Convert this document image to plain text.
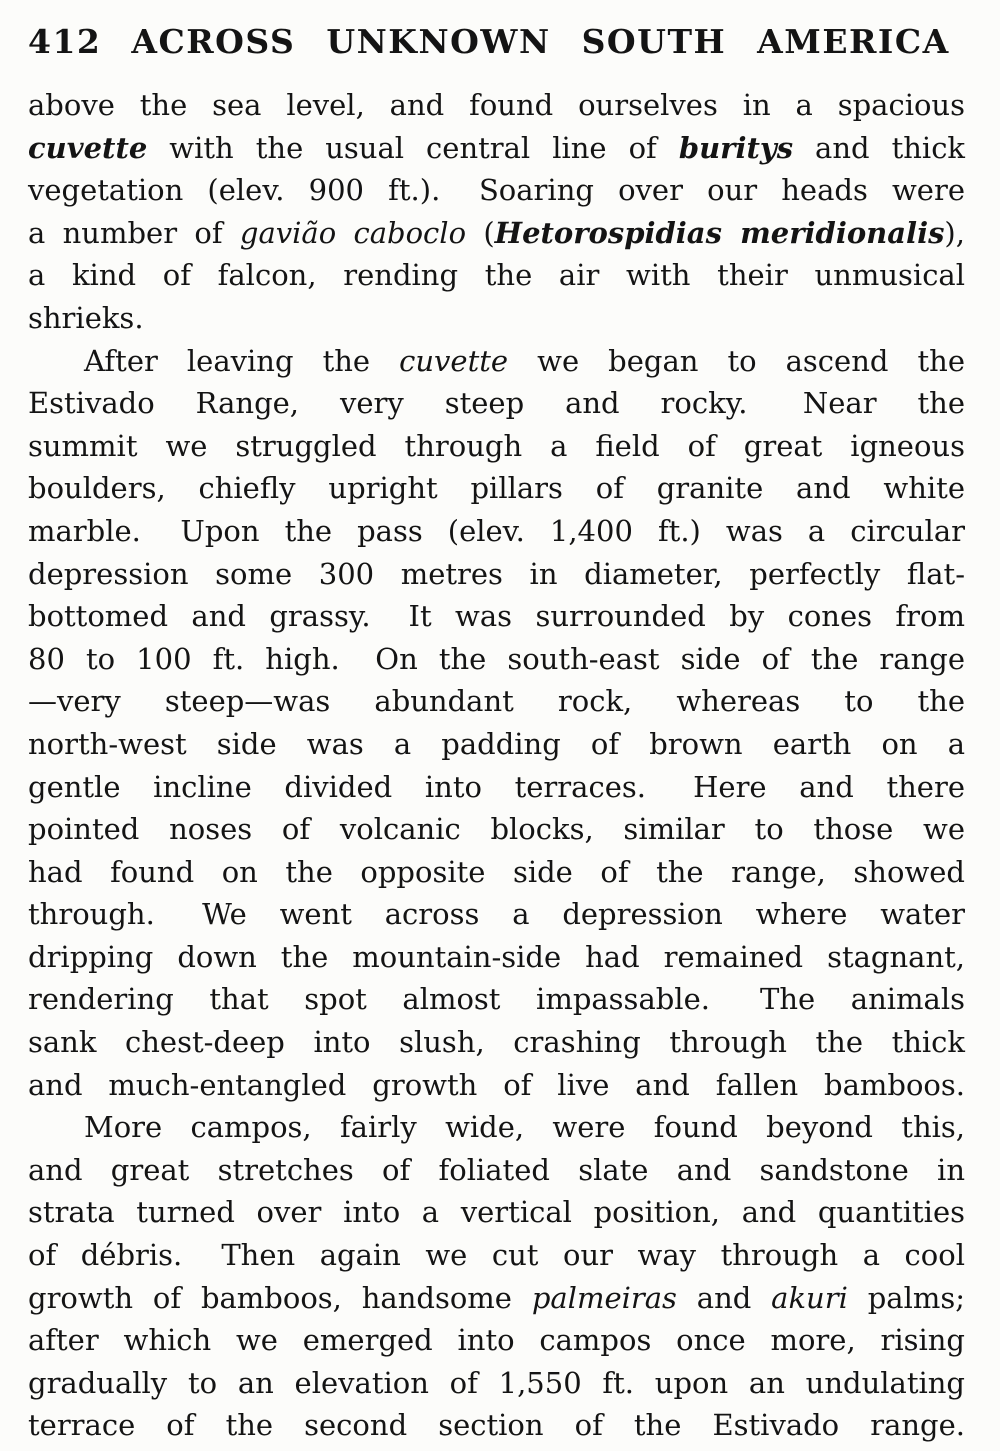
412 ACROSS UNKNOWN SOUTH AMERICA
above the sea level, and found ourselves in a spacious
cuvette with the usual central line of buritys and thick
vegetation (elev. 900 ft.).  Soaring over our heads were
a number of gavião caboclo (Hetorospidias meridionalis),
a kind of falcon, rending the air with their unmusical
shrieks.
After leaving the cuvette we began to ascend the
Estivado Range, very steep and rocky.  Near the
summit we struggled through a field of great igneous
boulders, chiefly upright pillars of granite and white
marble.  Upon the pass (elev. 1,400 ft.) was a circular
depression some 300 metres in diameter, perfectly flat-
bottomed and grassy.  It was surrounded by cones from
80 to 100 ft. high.  On the south-east side of the range
—very steep—was abundant rock, whereas to the
north-west side was a padding of brown earth on a
gentle incline divided into terraces.  Here and there
pointed noses of volcanic blocks, similar to those we
had found on the opposite side of the range, showed
through.  We went across a depression where water
dripping down the mountain-side had remained stagnant,
rendering that spot almost impassable.  The animals
sank chest-deep into slush, crashing through the thick
and much-entangled growth of live and fallen bamboos.
More campos, fairly wide, were found beyond this,
and great stretches of foliated slate and sandstone in
strata turned over into a vertical position, and quantities
of débris.  Then again we cut our way through a cool
growth of bamboos, handsome palmeiras and akuri palms;
after which we emerged into campos once more, rising
gradually to an elevation of 1,550 ft. upon an undulating
terrace of the second section of the Estivado range.
